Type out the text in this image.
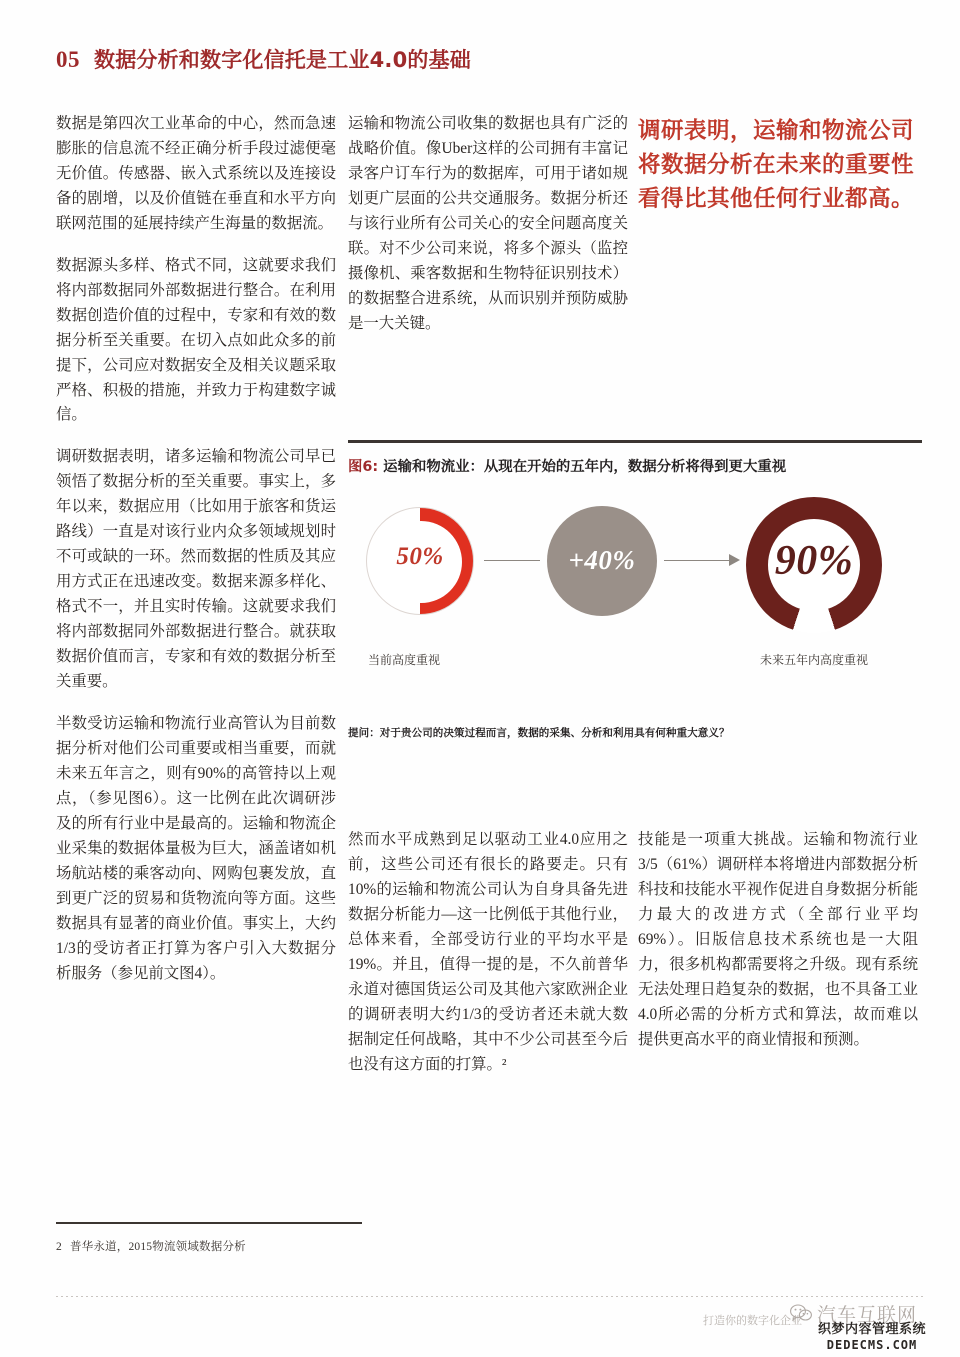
05 数据分析和数字化信托是工业4.0的基础

数据是第四次工业革命的中心，然而急速膨胀的信息流不经正确分析手段过滤便毫无价值。传感器、嵌入式系统以及连接设备的剧增，以及价值链在垂直和水平方向联网范围的延展持续产生海量的数据流。

数据源头多样、格式不同，这就要求我们将内部数据同外部数据进行整合。在利用数据创造价值的过程中，专家和有效的数据分析至关重要。在切入点如此众多的前提下，公司应对数据安全及相关议题采取严格、积极的措施，并致力于构建数字诚信。

调研数据表明，诸多运输和物流公司早已领悟了数据分析的至关重要。事实上，多年以来，数据应用（比如用于旅客和货运路线）一直是对该行业内众多领域规划时不可或缺的一环。然而数据的性质及其应用方式正在迅速改变。数据来源多样化、格式不一，并且实时传输。这就要求我们将内部数据同外部数据进行整合。就获取数据价值而言，专家和有效的数据分析至关重要。

半数受访运输和物流行业高管认为目前数据分析对他们公司重要或相当重要，而就未来五年言之，则有90%的高管持以上观点，（参见图6）。这一比例在此次调研涉及的所有行业中是最高的。运输和物流企业采集的数据体量极为巨大，涵盖诸如机场航站楼的乘客动向、网购包裹发放，直到更广泛的贸易和货物流向等方面。这些数据具有显著的商业价值。事实上，大约1/3的受访者正打算为客户引入大数据分析服务（参见前文图4）。

运输和物流公司收集的数据也具有广泛的战略价值。像Uber这样的公司拥有丰富记录客户订车行为的数据库，可用于诸如规划更广层面的公共交通服务。数据分析还与该行业所有公司关心的安全问题高度关联。对不少公司来说，将多个源头（监控摄像机、乘客数据和生物特征识别技术）的数据整合进系统，从而识别并预防威胁是一大关键。

调研表明，运输和物流公司将数据分析在未来的重要性看得比其他任何行业都高。
图6: 运输和物流业：从现在开始的五年内，数据分析将得到更大重视
50%
当前高度重视
+40%	90%
未来五年内高度重视
提问：对于贵公司的决策过程而言，数据的采集、分析和利用具有何种重大意义？

然而水平成熟到足以驱动工业4.0应用之前，这些公司还有很长的路要走。只有10%的运输和物流公司认为自身具备先进数据分析能力—这一比例低于其他行业，总体来看，全部受访行业的平均水平是19%。并且，值得一提的是，不久前普华永道对德国货运公司及其他六家欧洲企业的调研表明大约1/3的受访者还未就大数据制定任何战略，其中不少公司甚至今后也没有这方面的打算。²

技能是一项重大挑战。运输和物流行业3/5（61%）调研样本将增进内部数据分析科技和技能水平视作促进自身数据分析能力最大的改进方式（全部行业平均69%）。旧版信息技术系统也是一大阻力，很多机构都需要将之升级。现有系统无法处理日趋复杂的数据，也不具备工业4.0所必需的分析方式和算法，故而难以提供更高水平的商业情报和预测。

2 普华永道，2015物流领域数据分析
打造你的数字化企业 汽车互联网
织梦内容管理系统
DEDECMS.COM
